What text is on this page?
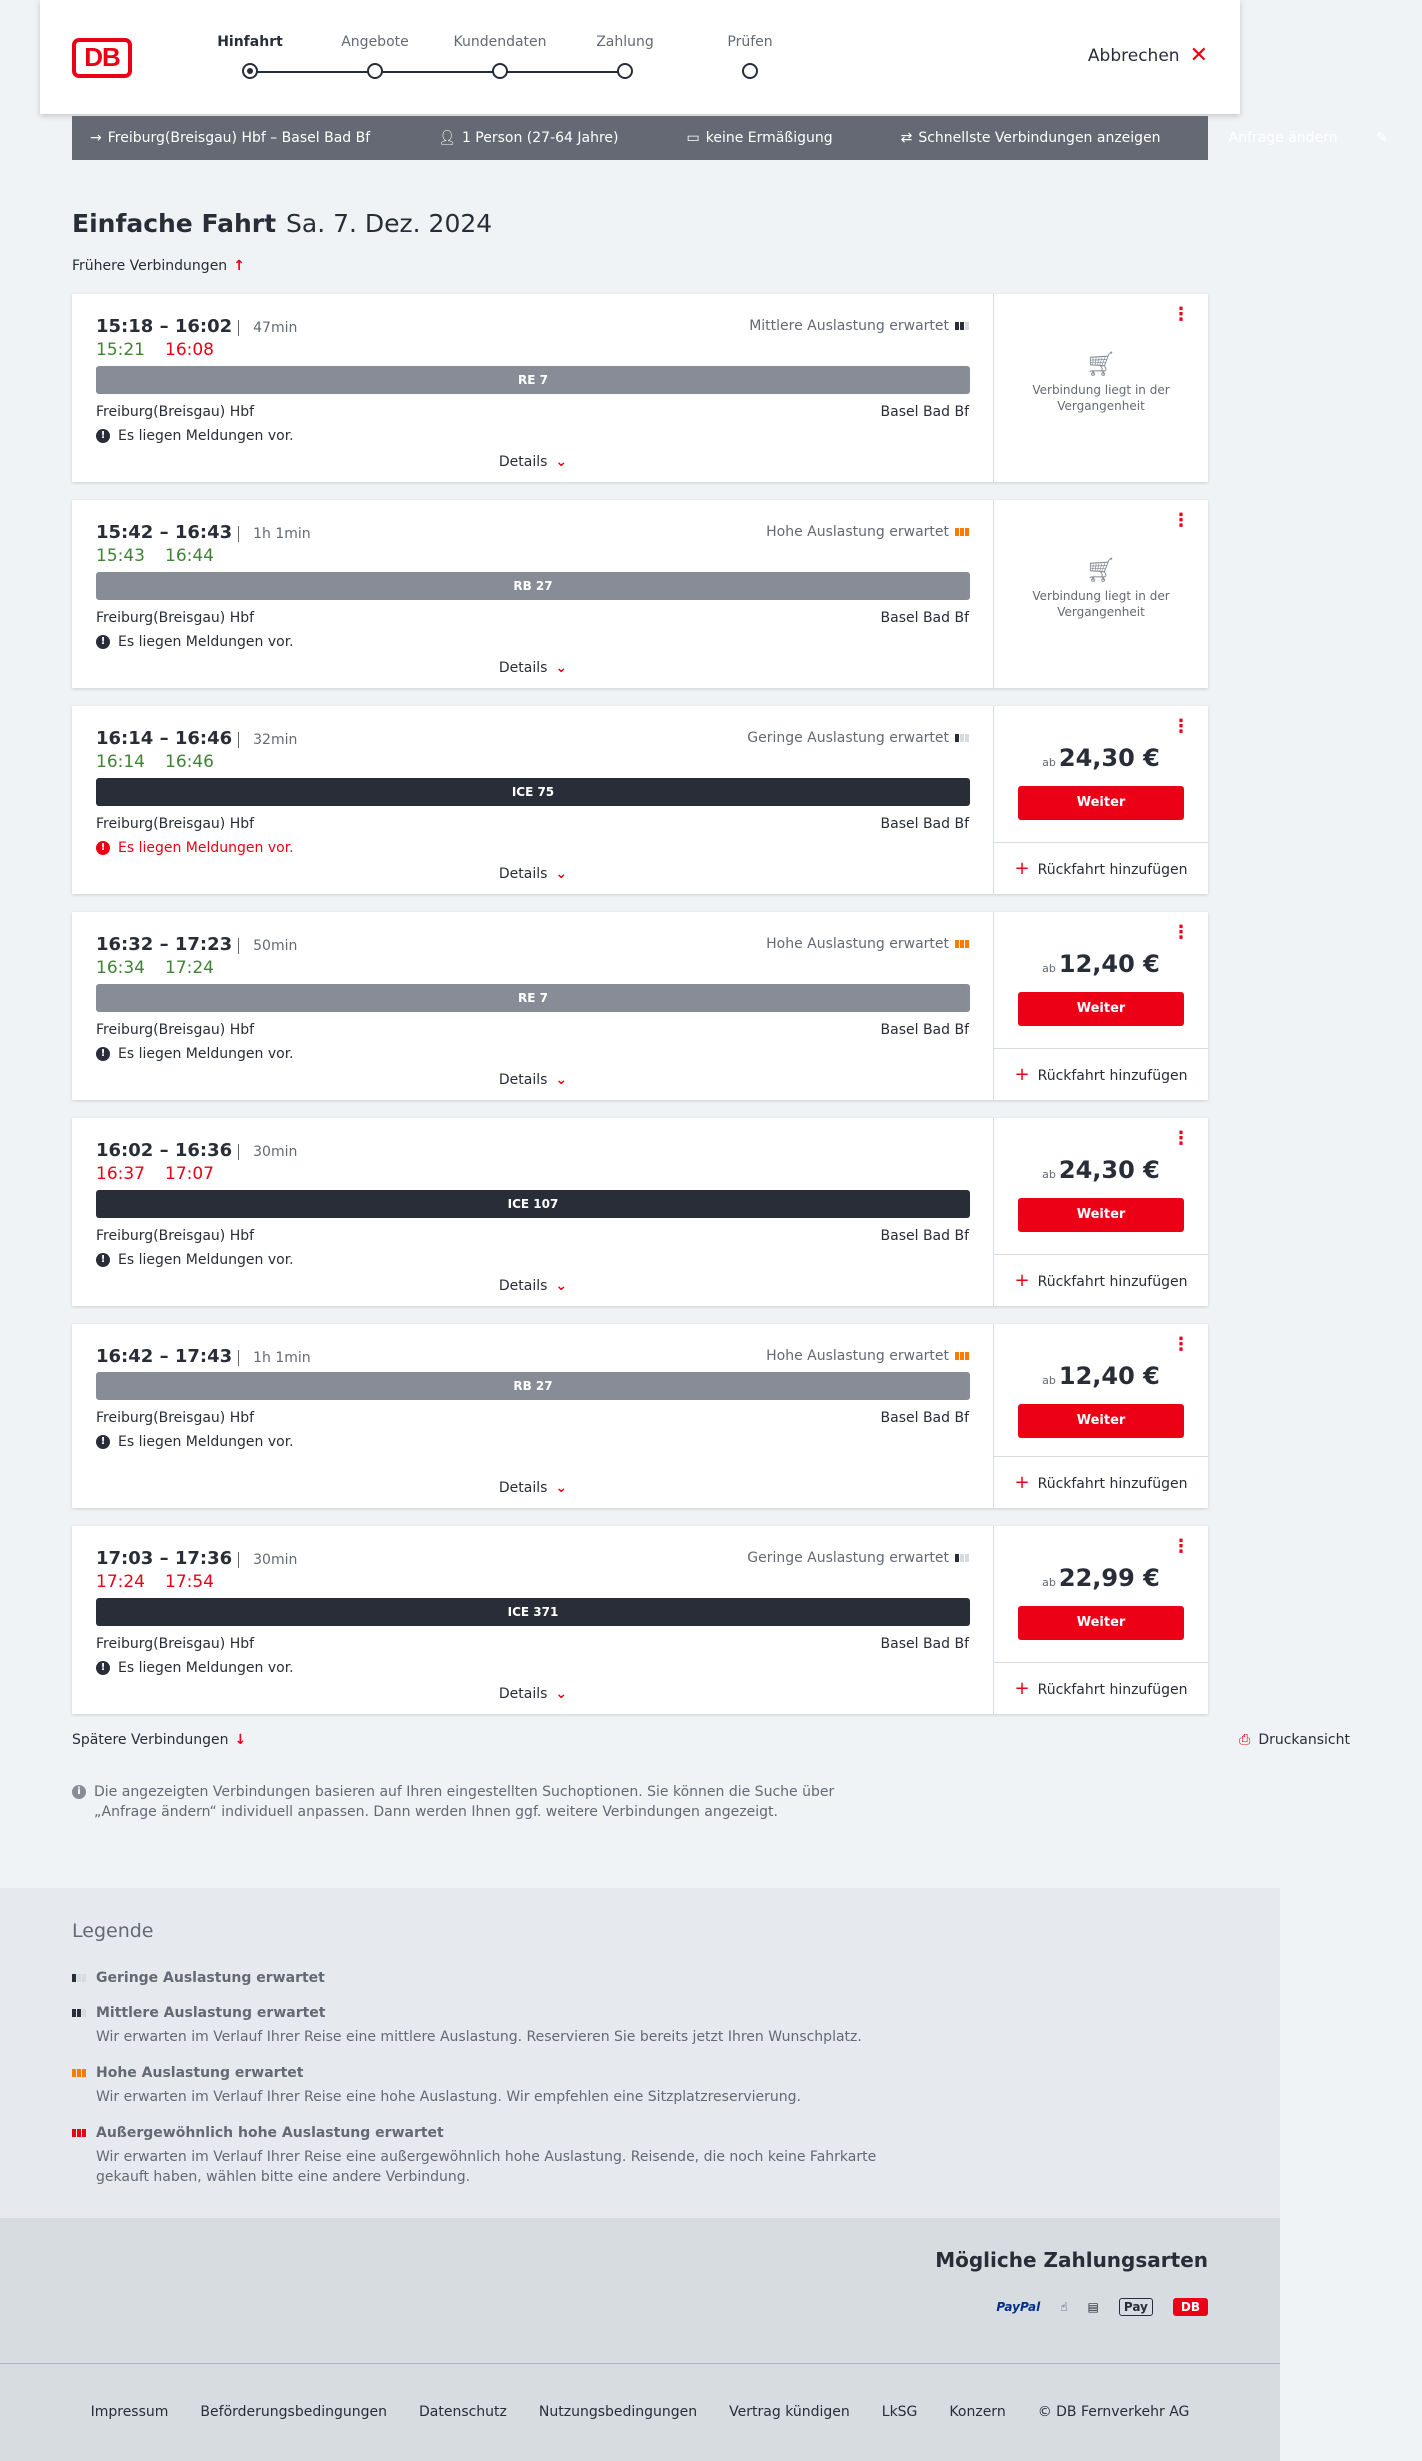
DB	Hinfahrt	Angebote	Kundendaten	Zahlung	Prüfen
Abbrechen ✕
→ Freiburg(Breisgau) Hbf – Basel Bad Bf	👤︎ 1 Person (27-64 Jahre)	▭ keine Ermäßigung	⇄ Schnellste Verbindungen anzeigen	Anfrage ändern	✎
Einfache Fahrt Sa. 7. Dez. 2024
Frühere Verbindungen ↑
15:18 – 16:02 47min
15:21 16:08
Mittlere Auslastung erwartet
RE 7
Freiburg(Breisgau) Hbf	Basel Bad Bf
! Es liegen Meldungen vor.
Details ⌄
⋮
🛒︎
Verbindung liegt in der Vergangenheit
15:42 – 16:43 1h 1min
15:43 16:44
Hohe Auslastung erwartet
RB 27
Freiburg(Breisgau) Hbf	Basel Bad Bf
! Es liegen Meldungen vor.
Details ⌄
⋮
🛒︎
Verbindung liegt in der Vergangenheit
16:14 – 16:46 32min
16:14 16:46
Geringe Auslastung erwartet
ICE 75
Freiburg(Breisgau) Hbf	Basel Bad Bf
! Es liegen Meldungen vor.
Details ⌄
⋮
ab 24,30 €
Weiter
+ Rückfahrt hinzufügen
16:32 – 17:23 50min
16:34 17:24
Hohe Auslastung erwartet
RE 7
Freiburg(Breisgau) Hbf	Basel Bad Bf
! Es liegen Meldungen vor.
Details ⌄
⋮
ab 12,40 €
Weiter
+ Rückfahrt hinzufügen
16:02 – 16:36 30min
16:37 17:07
ICE 107
Freiburg(Breisgau) Hbf	Basel Bad Bf
! Es liegen Meldungen vor.
Details ⌄
⋮
ab 24,30 €
Weiter
+ Rückfahrt hinzufügen
16:42 – 17:43 1h 1min	Hohe Auslastung erwartet
RB 27
Freiburg(Breisgau) Hbf	Basel Bad Bf
! Es liegen Meldungen vor.
Details ⌄
⋮
ab 12,40 €
Weiter
+ Rückfahrt hinzufügen
17:03 – 17:36 30min
17:24 17:54
Geringe Auslastung erwartet
ICE 371
Freiburg(Breisgau) Hbf	Basel Bad Bf
! Es liegen Meldungen vor.
Details ⌄
⋮
ab 22,99 €
Weiter
+ Rückfahrt hinzufügen
Spätere Verbindungen ↓	⎙ Druckansicht
i Die angezeigten Verbindungen basieren auf Ihren eingestellten Suchoptionen. Sie können die Suche über „Anfrage ändern“ individuell anpassen. Dann werden Ihnen ggf. weitere Verbindungen angezeigt.
Legende
Geringe Auslastung erwartet
Mittlere Auslastung erwartet
Wir erwarten im Verlauf Ihrer Reise eine mittlere Auslastung. Reservieren Sie bereits jetzt Ihren Wunschplatz.
Hohe Auslastung erwartet
Wir erwarten im Verlauf Ihrer Reise eine hohe Auslastung. Wir empfehlen eine Sitzplatzreservierung.
Außergewöhnlich hohe Auslastung erwartet
Wir erwarten im Verlauf Ihrer Reise eine außergewöhnlich hohe Auslastung. Reisende, die noch keine Fahrkarte gekauft haben, wählen bitte eine andere Verbindung.
Mögliche Zahlungsarten
PayPal ☝︎ ▤	Pay	DB
Impressum Beförderungsbedingungen Datenschutz Nutzungsbedingungen Vertrag kündigen LkSG Konzern © DB Fernverkehr AG
